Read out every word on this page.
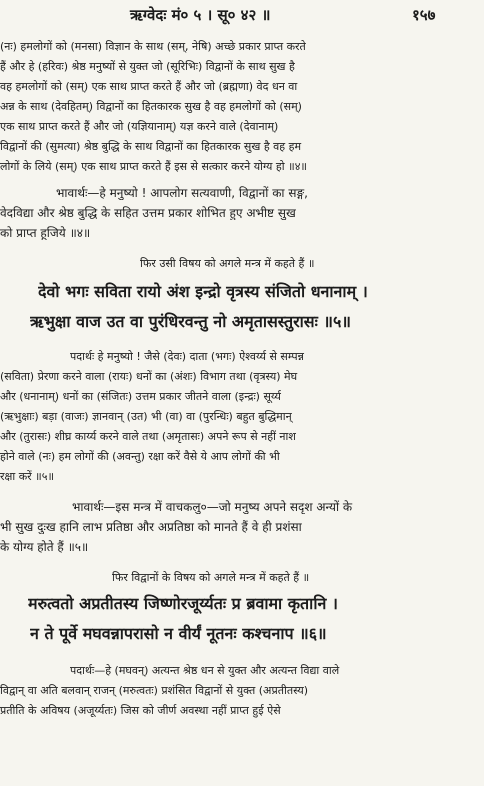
ऋग्वेदः मं० ५ । सू० ४२ ॥	१५७
(नः) हमलोगों को (मनसा) विज्ञान के साथ (सम्, नेषि) अच्छे प्रकार प्राप्त करते
हैं और हे (हरिवः) श्रेष्ठ मनुष्यों से युक्त जो (सूरिभिः) विद्वानों के साथ सुख है
वह हमलोगों को (सम्) एक साथ प्राप्त करते हैं और जो (ब्रह्मणा) वेद धन वा
अन्न के साथ (देवहितम्) विद्वानों का हितकारक सुख है वह हमलोगों को (सम्)
एक साथ प्राप्त करते हैं और जो (यज्ञियानाम्) यज्ञ करने वाले (देवानाम्)
विद्वानों की (सुमत्या) श्रेष्ठ बुद्धि के साथ विद्वानों का हितकारक सुख है वह हम
लोगों के लिये (सम्) एक साथ प्राप्त करते हैं इस से सत्कार करने योग्य हो ॥४॥
भावार्थः—हे मनुष्यो ! आपलोग सत्यवाणी, विद्वानों का सङ्ग,
वेदविद्या और श्रेष्ठ बुद्धि के सहित उत्तम प्रकार शोभित हुए अभीष्ट सुख
को प्राप्त हूजिये ॥४॥
फिर उसी विषय को अगले मन्त्र में कहते हैं ॥
देवो भगः सविता रायो अंश इन्द्रो वृत्रस्य संजितो धनानाम् ।
ऋभुक्षा वाज उत वा पुरंधिरवन्तु नो अमृतासस्तुरासः ॥५॥
पदार्थः हे मनुष्यो ! जैसे (देवः) दाता (भगः) ऐश्वर्य्य से सम्पन्न
(सविता) प्रेरणा करने वाला (रायः) धनों का (अंशः) विभाग तथा (वृत्रस्य) मेघ
और (धनानाम्) धनों का (संजितः) उत्तम प्रकार जीतने वाला (इन्द्रः) सूर्य्य
(ऋभुक्षाः) बड़ा (वाजः) ज्ञानवान् (उत) भी (वा) वा (पुरन्धिः) बहुत बुद्धिमान्
और (तुरासः) शीघ्र कार्य्य करने वाले तथा (अमृतासः) अपने रूप से नहीं नाश
होने वाले (नः) हम लोगों की (अवन्तु) रक्षा करें वैसे ये आप लोगों की भी
रक्षा करें ॥५॥
भावार्थः—इस मन्त्र में वाचकलु०—जो मनुष्य अपने सदृश अन्यों के
भी सुख दुःख हानि लाभ प्रतिष्ठा और अप्रतिष्ठा को मानते हैं वे ही प्रशंसा
के योग्य होते हैं ॥५॥
फिर विद्वानों के विषय को अगले मन्त्र में कहते हैं ॥
मरुत्वतो अप्रतीतस्य जिष्णोरजूर्य्यतः प्र ब्रवामा कृतानि ।
न ते पूर्वे मघवन्नापरासो न वीर्यं नूतनः कश्चनाप ॥६॥
पदार्थः—हे (मघवन्) अत्यन्त श्रेष्ठ धन से युक्त और अत्यन्त विद्या वाले
विद्वान् वा अति बलवान् राजन् (मरुत्वतः) प्रशंसित विद्वानों से युक्त (अप्रतीतस्य)
प्रतीति के अविषय (अजूर्य्यतः) जिस को जीर्ण अवस्था नहीं प्राप्त हुई ऐसे
